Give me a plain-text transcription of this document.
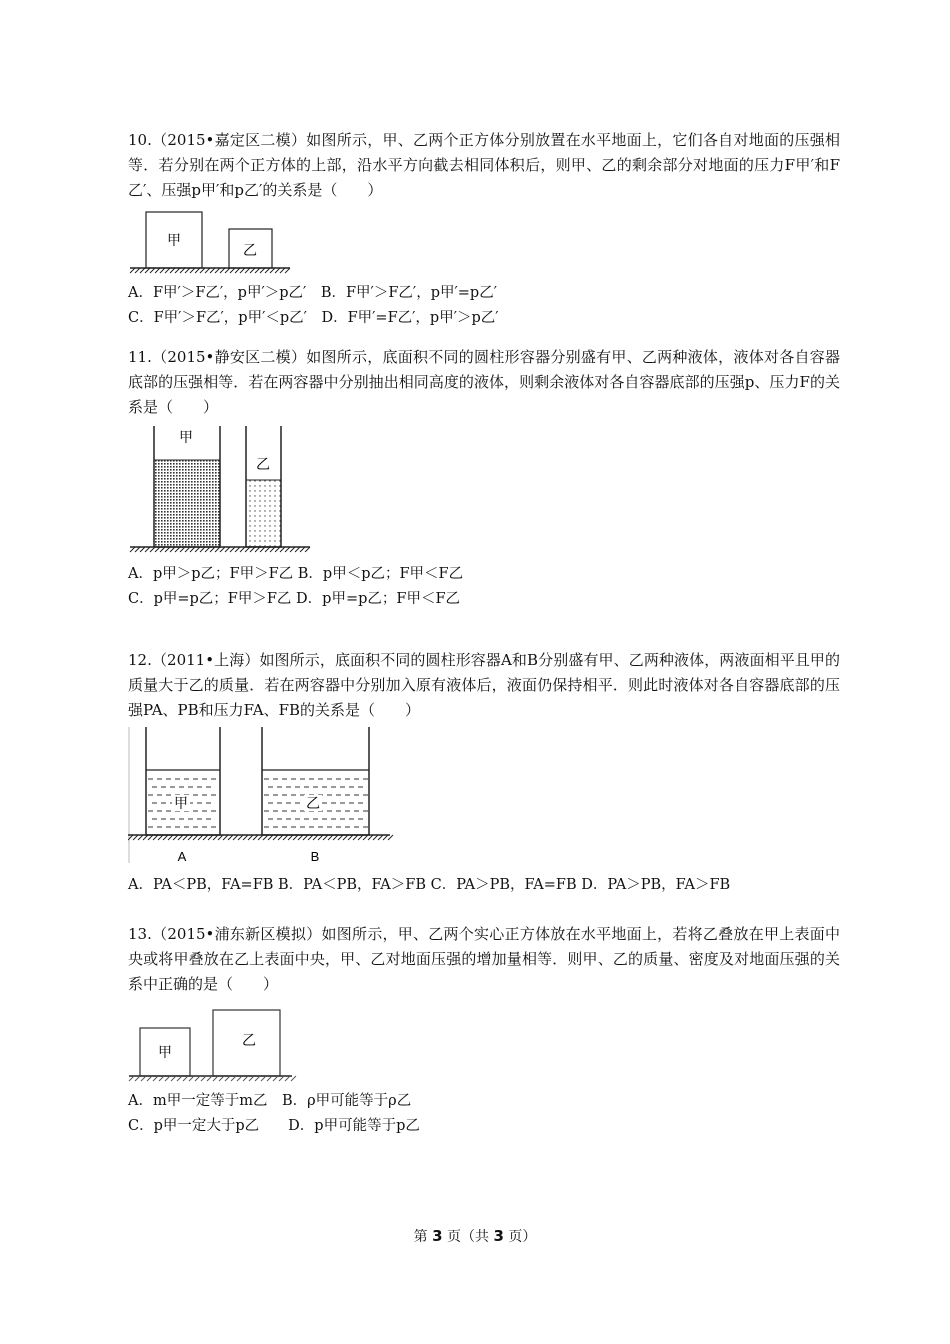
10.（2015•嘉定区二模）如图所示，甲、乙两个正方体分别放置在水平地面上，它们各自对地面的压强相等．若分别在两个正方体的上部，沿水平方向截去相同体积后，则甲、乙的剩余部分对地面的压力F甲′和F乙′、压强p甲′和p乙′的关系是（　　）

甲
乙
A．F甲′＞F乙′，p甲′＞p乙′　 B．F甲′＞F乙′，p甲′=p乙′
C．F甲′＞F乙′，p甲′＜p乙′　 D．F甲′=F乙′，p甲′＞p乙′

11.（2015•静安区二模）如图所示，底面积不同的圆柱形容器分别盛有甲、乙两种液体，液体对各自容器底部的压强相等．若在两容器中分别抽出相同高度的液体，则剩余液体对各自容器底部的压强p、压力F的关系是（　　）

甲
乙
A．p甲＞p乙；F甲＞F乙 B．p甲＜p乙；F甲＜F乙
C．p甲=p乙；F甲＞F乙 D．p甲=p乙；F甲＜F乙

12.（2011•上海）如图所示，底面积不同的圆柱形容器A和B分别盛有甲、乙两种液体，两液面相平且甲的质量大于乙的质量．若在两容器中分别加入原有液体后，液面仍保持相平．则此时液体对各自容器底部的压强PA、PB和压力FA、FB的关系是（　　）

甲	乙
A	B
A．PA＜PB，FA=FB B．PA＜PB，FA＞FB C．PA＞PB，FA=FB D．PA＞PB，FA＞FB

13.（2015•浦东新区模拟）如图所示，甲、乙两个实心正方体放在水平地面上，若将乙叠放在甲上表面中央或将甲叠放在乙上表面中央，甲、乙对地面压强的增加量相等．则甲、乙的质量、密度及对地面压强的关系中正确的是（　　）

甲
乙
A．m甲一定等于m乙　 B．ρ甲可能等于ρ乙
C．p甲一定大于p乙　　 D．p甲可能等于p乙
第 3 页（共 3 页）
